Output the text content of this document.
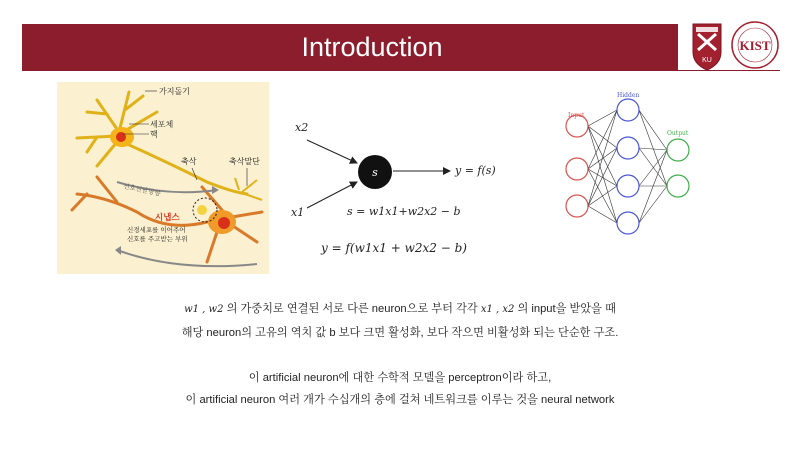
Introduction	KU
KIST
가지돌기
세포체
핵
축삭	축삭말단
신호전달방향
시냅스
신경세포를 이어주어
신호를 주고받는 부위
s
x2
x1
y = f(s)
s = w1x1+w2x2 − b
y = f(w1x1 + w2x2 − b)
Input
Hidden
Output
w1 , w2 의 가중치로 연결된 서로 다른 neuron으로 부터 각각 x1 , x2 의 input을 받았을 때
해당 neuron의 고유의 역치 값 b 보다 크면 활성화, 보다 작으면 비활성화 되는 단순한 구조.
이 artificial neuron에 대한 수학적 모델을 perceptron이라 하고,
이 artificial neuron 여러 개가 수십개의 층에 걸쳐 네트워크를 이루는 것을 neural network
